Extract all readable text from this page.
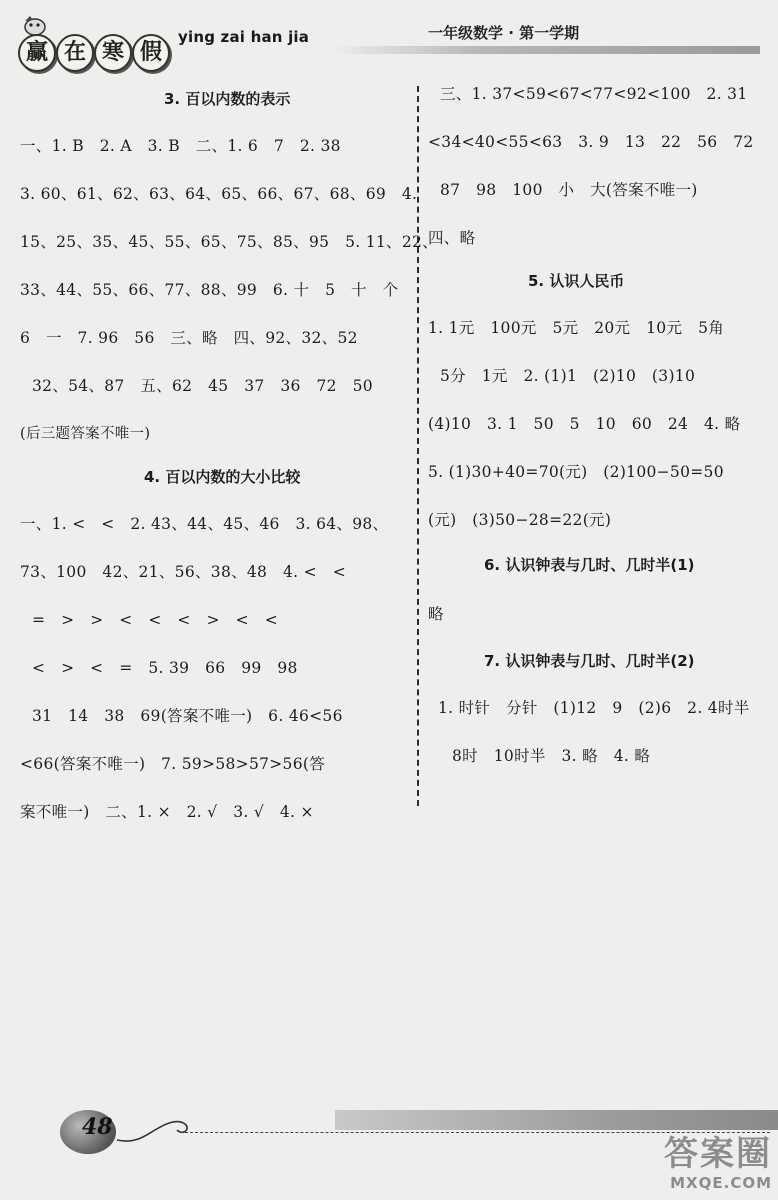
赢 在 寒 假
ying zai han jia	一年级数学 · 第一学期
3. 百以内数的表示
一、1. B　2. A　3. B　二、1. 6　7　2. 38
3. 60、61、62、63、64、65、66、67、68、69　4.
15、25、35、45、55、65、75、85、95　5. 11、22、
33、44、55、66、77、88、99　6. 十　5　十　个
6　一　7. 96　56　三、略　四、92、32、52
32、54、87　五、62　45　37　36　72　50
(后三题答案不唯一)
4. 百以内数的大小比较
一、1. <　<　2. 43、44、45、46　3. 64、98、
73、100　42、21、56、38、48　4. <　<
=　>　>　<　<　<　>　<　<
<　>　<　=　5. 39　66　99　98
31　14　38　69(答案不唯一)　6. 46<56
<66(答案不唯一)　7. 59>58>57>56(答
案不唯一)　二、1. ×　2. √　3. √　4. ×
三、1. 37<59<67<77<92<100　2. 31
<34<40<55<63　3. 9　13　22　56　72
87　98　100　小　大(答案不唯一)
四、略
5. 认识人民币
1. 1元　100元　5元　20元　10元　5角
5分　1元　2. (1)1　(2)10　(3)10
(4)10　3. 1　50　5　10　60　24　4. 略
5. (1)30+40=70(元)　(2)100−50=50
(元)　(3)50−28=22(元)
6. 认识钟表与几时、几时半(1)
略
7. 认识钟表与几时、几时半(2)
1. 时针　分针　(1)12　9　(2)6　2. 4时半
8时　10时半　3. 略　4. 略
48
答案圈
MXQE.COM
